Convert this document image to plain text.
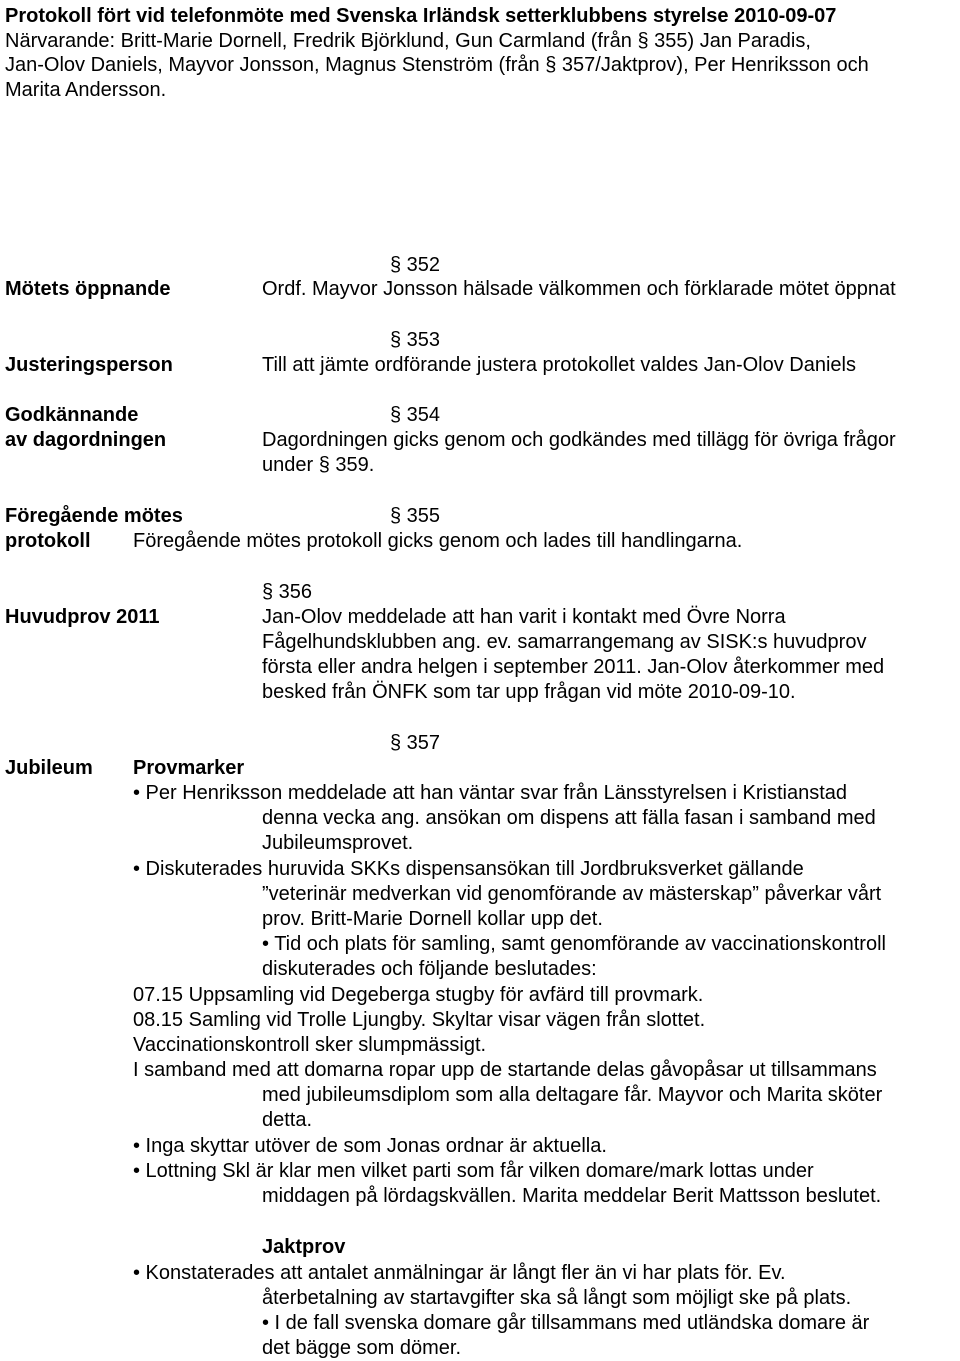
Protokoll fört vid telefonmöte med Svenska Irländsk setterklubbens styrelse 2010-09-07
Närvarande: Britt-Marie Dornell, Fredrik Björklund, Gun Carmland (från § 355) Jan Paradis,
Jan-Olov Daniels, Mayvor Jonsson, Magnus Stenström (från § 357/Jaktprov), Per Henriksson och
Marita Andersson.
§ 352
Mötets öppnande	Ordf. Mayvor Jonsson hälsade välkommen och förklarade mötet öppnat
§ 353
Justeringsperson	Till att jämte ordförande justera protokollet valdes Jan-Olov Daniels
Godkännande	§ 354
av dagordningen	Dagordningen gicks genom och godkändes med tillägg för övriga frågor
under § 359.
Föregående mötes	§ 355
protokoll Föregående mötes protokoll gicks genom och lades till handlingarna.
§ 356
Huvudprov 2011	Jan-Olov meddelade att han varit i kontakt med Övre Norra
Fågelhundsklubben ang. ev. samarrangemang av SISK:s huvudprov
första eller andra helgen i september 2011. Jan-Olov återkommer med
besked från ÖNFK som tar upp frågan vid möte 2010-09-10.
§ 357
Jubileum Provmarker
• Per Henriksson meddelade att han väntar svar från Länsstyrelsen i Kristianstad
denna vecka ang. ansökan om dispens att fälla fasan i samband med
Jubileumsprovet.
• Diskuterades huruvida SKKs dispensansökan till Jordbruksverket gällande
”veterinär medverkan vid genomförande av mästerskap” påverkar vårt
prov. Britt-Marie Dornell kollar upp det.
• Tid och plats för samling, samt genomförande av vaccinationskontroll
diskuterades och följande beslutades:
07.15 Uppsamling vid Degeberga stugby för avfärd till provmark.
08.15 Samling vid Trolle Ljungby. Skyltar visar vägen från slottet.
Vaccinationskontroll sker slumpmässigt.
I samband med att domarna ropar upp de startande delas gåvopåsar ut tillsammans
med jubileumsdiplom som alla deltagare får. Mayvor och Marita sköter
detta.
• Inga skyttar utöver de som Jonas ordnar är aktuella.
• Lottning Skl är klar men vilket parti som får vilken domare/mark lottas under
middagen på lördagskvällen. Marita meddelar Berit Mattsson beslutet.
Jaktprov
• Konstaterades att antalet anmälningar är långt fler än vi har plats för. Ev.
återbetalning av startavgifter ska så långt som möjligt ske på plats.
• I de fall svenska domare går tillsammans med utländska domare är
det bägge som dömer.
